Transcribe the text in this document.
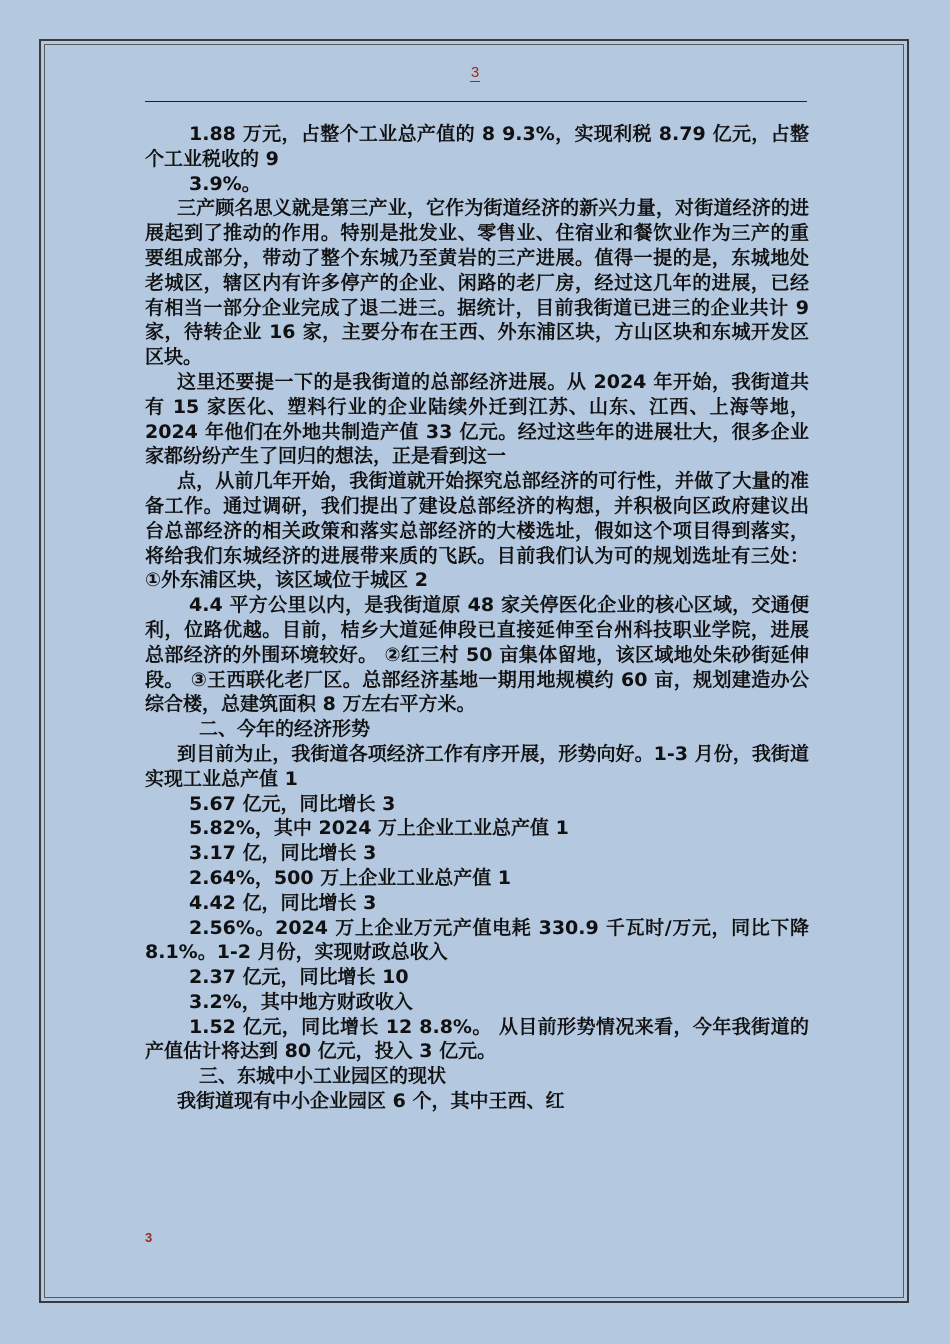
3

1.88 万元，占整个工业总产值的 8 9.3%，实现利税 8.79 亿元，占整个工业税收的 9

3.9%。

三产顾名思义就是第三产业，它作为街道经济的新兴力量，对街道经济的进展起到了推动的作用。特别是批发业、零售业、住宿业和餐饮业作为三产的重要组成部分，带动了整个东城乃至黄岩的三产进展。值得一提的是，东城地处老城区，辖区内有许多停产的企业、闲路的老厂房，经过这几年的进展，已经有相当一部分企业完成了退二进三。据统计，目前我街道已进三的企业共计 9 家，待转企业 16 家，主要分布在王西、外东浦区块，方山区块和东城开发区区块。

这里还要提一下的是我街道的总部经济进展。从 2024 年开始，我街道共有 15 家医化、塑料行业的企业陆续外迁到江苏、山东、江西、上海等地， 2024 年他们在外地共制造产值 33 亿元。经过这些年的进展壮大，很多企业家都纷纷产生了回归的想法，正是看到这一

点，从前几年开始，我街道就开始探究总部经济的可行性，并做了大量的准备工作。通过调研，我们提出了建设总部经济的构想，并积极向区政府建议出台总部经济的相关政策和落实总部经济的大楼选址，假如这个项目得到落实，将给我们东城经济的进展带来质的飞跃。目前我们认为可的规划选址有三处： ①外东浦区块，该区域位于城区 2

4.4 平方公里以内，是我街道原 48 家关停医化企业的核心区域，交通便利，位路优越。目前，桔乡大道延伸段已直接延伸至台州科技职业学院，进展总部经济的外围环境较好。 ②红三村 50 亩集体留地，该区域地处朱砂街延伸段。 ③王西联化老厂区。总部经济基地一期用地规模约 60 亩，规划建造办公综合楼，总建筑面积 8 万左右平方米。

二、今年的经济形势

到目前为止，我街道各项经济工作有序开展，形势向好。1-3 月份，我街道实现工业总产值 1

5.67 亿元，同比增长 3

5.82%，其中 2024 万上企业工业总产值 1

3.17 亿，同比增长 3

2.64%，500 万上企业工业总产值 1

4.42 亿，同比增长 3

2.56%。2024 万上企业万元产值电耗 330.9 千瓦时/万元，同比下降 8.1%。1-2 月份，实现财政总收入

2.37 亿元，同比增长 10

3.2%，其中地方财政收入

1.52 亿元，同比增长 12 8.8%。 从目前形势情况来看，今年我街道的产值估计将达到 80 亿元，投入 3 亿元。

三、东城中小工业园区的现状

我街道现有中小企业园区 6 个，其中王西、红

3
